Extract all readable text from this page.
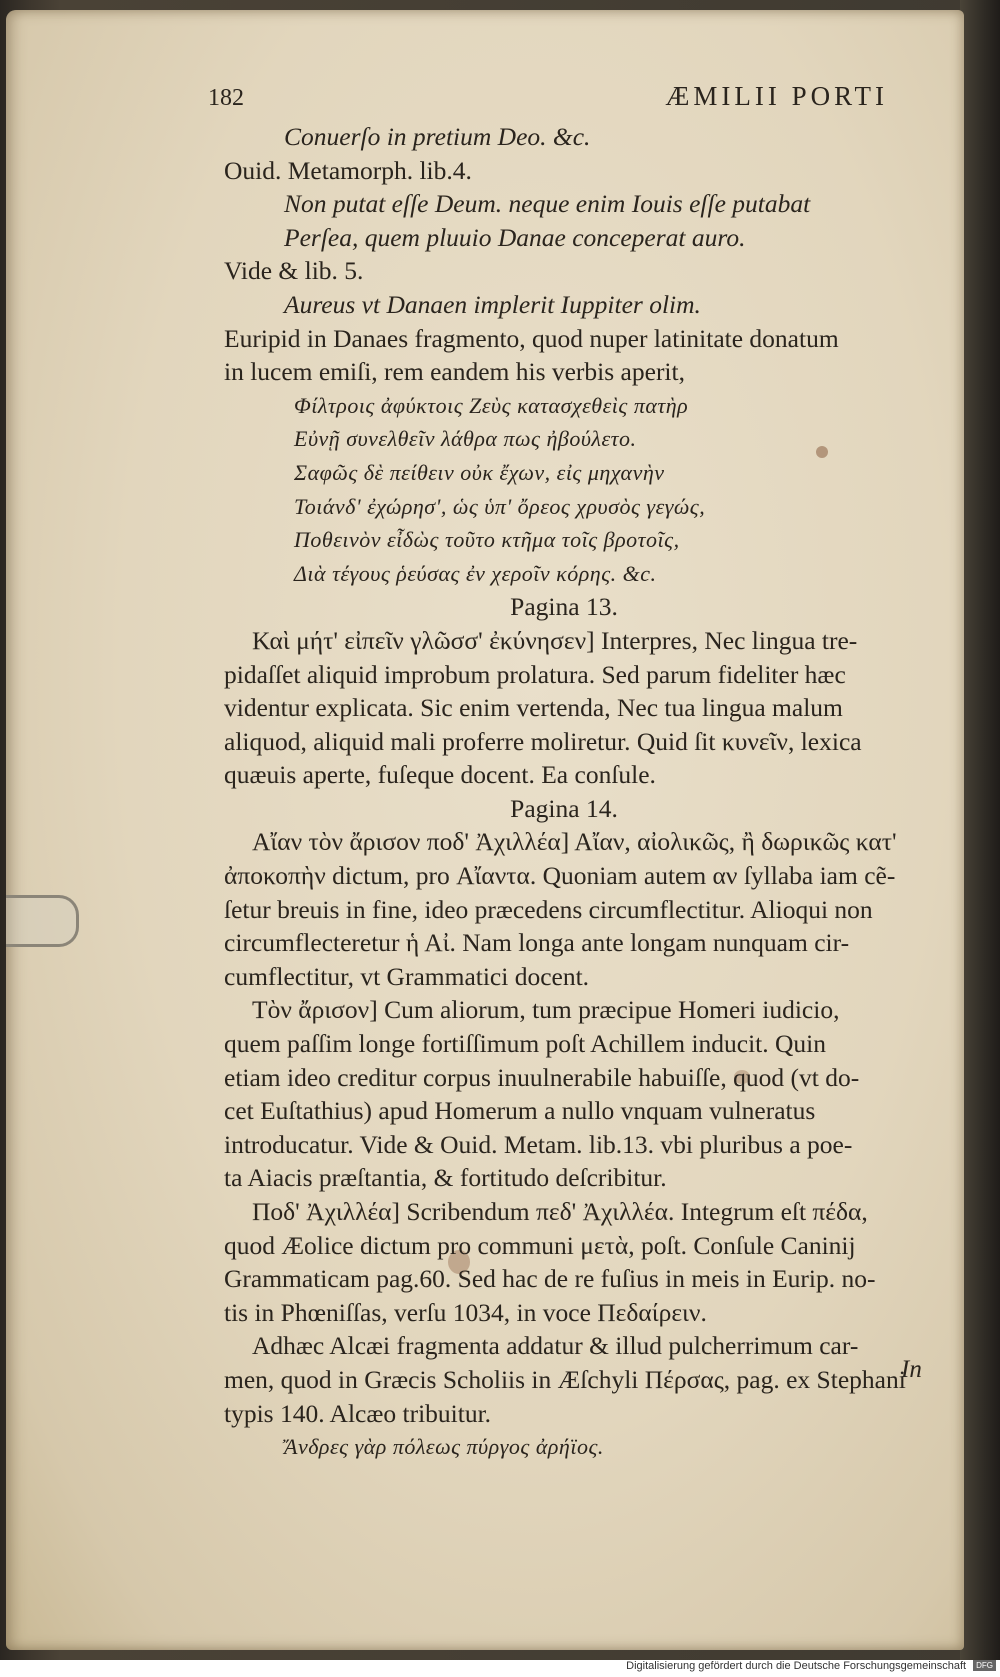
182	ÆMILII PORTI
Conuerſo in pretium Deo. &c.
Ouid. Metamorph. lib.4.
Non putat eſſe Deum. neque enim Iouis eſſe putabat
Perſea, quem pluuio Danae conceperat auro.
Vide & lib. 5.
Aureus vt Danaen implerit Iuppiter olim.
Euripid in Danaes fragmento, quod nuper latinitate donatum
in lucem emiſi, rem eandem his verbis aperit,
Φίλτροις ἀφύκτοις Ζεὺς κατασχεθεὶς πατὴρ
Εὐνῇ συνελθεῖν λάθρα πως ἠβούλετο.
Σαφῶς δὲ πείθειν οὐκ ἔχων, εἰς μηχανὴν
Τοιάνδ' ἐχώρησ', ὡς ὑπ' ὄρεος χρυσὸς γεγώς,
Ποθεινὸν εἶδὼς τοῦτο κτῆμα τοῖς βροτοῖς,
Διὰ τέγους ῥεύσας ἐν χεροῖν κόρης. &c.
Pagina 13.
Καὶ μήτ' εἰπεῖν γλῶσσ' ἐκύνησεν] Interpres, Nec lingua tre-
pidaſſet aliquid improbum prolatura. Sed parum fideliter hæc
videntur explicata. Sic enim vertenda, Nec tua lingua malum
aliquod, aliquid mali proferre moliretur. Quid ſit κυνεῖν, lexica
quæuis aperte, fuſeque docent. Ea conſule.
Pagina 14.
Αἴαν τὸν ἄρισον ποδ' Ἀχιλλέα] Αἴαν, αἰολικῶς, ἢ δωρικῶς κατ'
ἀποκοπὴν dictum, pro Αἴαντα. Quoniam autem αν ſyllaba iam cẽ-
ſetur breuis in fine, ideo præcedens circumflectitur. Alioqui non
circumflecteretur ἡ Αἰ. Nam longa ante longam nunquam cir-
cumflectitur, vt Grammatici docent.
Τὸν ἄρισον] Cum aliorum, tum præcipue Homeri iudicio,
quem paſſim longe fortiſſimum poſt Achillem inducit. Quin
etiam ideo creditur corpus inuulnerabile habuiſſe, quod (vt do-
cet Euſtathius) apud Homerum a nullo vnquam vulneratus
introducatur. Vide & Ouid. Metam. lib.13. vbi pluribus a poe-
ta Aiacis præſtantia, & fortitudo deſcribitur.
Ποδ' Ἀχιλλέα] Scribendum πεδ' Ἀχιλλέα. Integrum eſt πέδα,
quod Æolice dictum pro communi μετὰ, poſt. Conſule Caninij
Grammaticam pag.60. Sed hac de re fuſius in meis in Eurip. no-
tis in Phœniſſas, verſu 1034, in voce Πεδαίρειν.
Adhæc Alcæi fragmenta addatur & illud pulcherrimum car-
men, quod in Græcis Scholiis in Æſchyli Πέρσας, pag. ex Stephani
typis 140. Alcæo tribuitur.
Ἄνδρες γὰρ πόλεως πύργος ἀρήϊος.
In
Digitalisierung gefördert durch die Deutsche Forschungsgemeinschaft DFG
